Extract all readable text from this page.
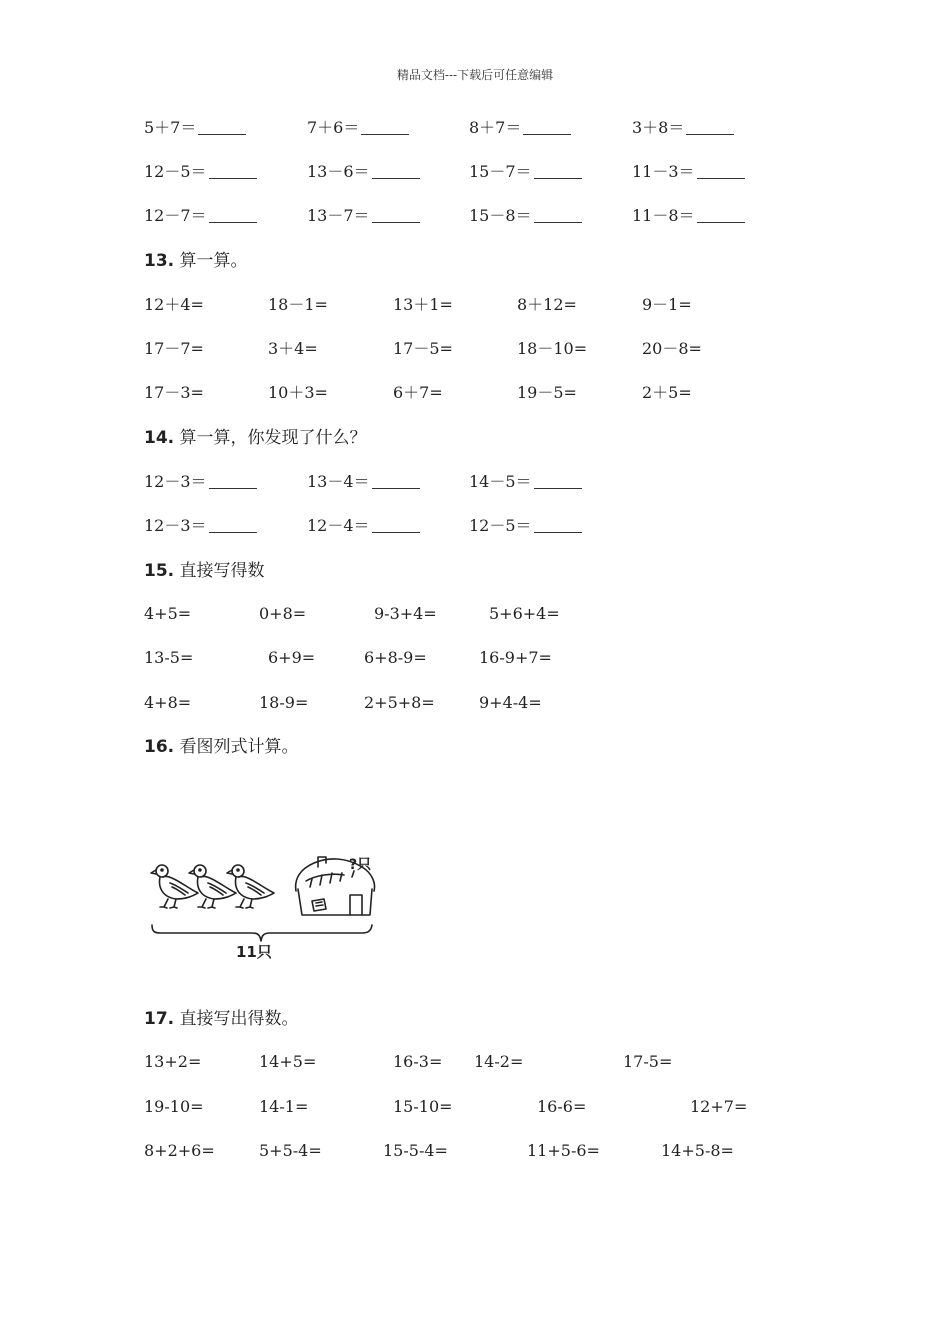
精品文档---下载后可任意编辑
5＋7＝	7＋6＝	8＋7＝	3＋8＝
12－5＝	13－6＝	15－7＝	11－3＝
12－7＝	13－7＝	15－8＝	11－8＝
13. 算一算。
12＋4=	18－1=	13＋1=	8＋12=	9－1=
17－7=	3＋4=	17－5=	18－10=	20－8=
17－3=	10＋3=	6＋7=	19－5=	2＋5=
14. 算一算，你发现了什么？
12－3＝	13－4＝	14－5＝
12－3＝	12－4＝	12－5＝
15. 直接写得数
4+5=	0+8=	9-3+4=	5+6+4=
13-5=	6+9=	6+8-9=	16-9+7=
4+8=	18-9=	2+5+8=	9+4-4=
16. 看图列式计算。
?只
11只
17. 直接写出得数。
13+2=	14+5=	16-3= 14-2=	17-5=
19-10=	14-1=	15-10=	16-6=	12+7=
8+2+6=	5+5-4=	15-5-4=	11+5-6=	14+5-8=
